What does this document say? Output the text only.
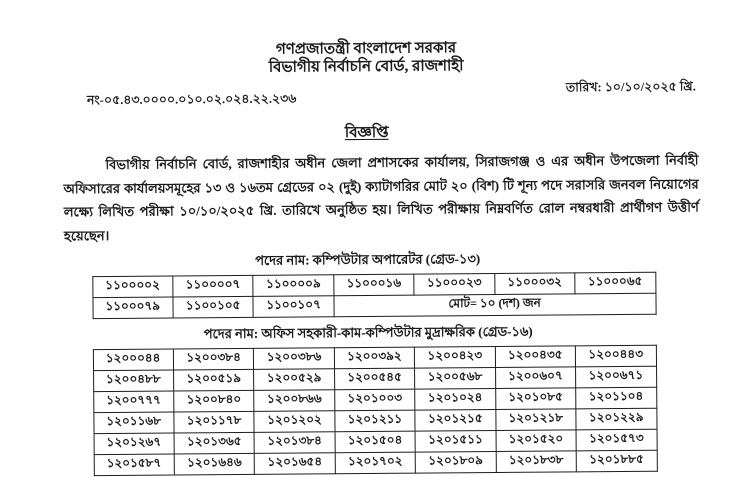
গণপ্রজাতন্ত্রী বাংলাদেশ সরকার
বিভাগীয় নির্বাচনি বোর্ড, রাজশাহী
নং-০৫.৪৩.০০০০.০১০.০২.০২৪.২২.২৩৬
তারিখ: ১০/১০/২০২৫ খ্রি.
বিজ্ঞপ্তি

বিভাগীয় নির্বাচনি বোর্ড, রাজশাহীর অধীন জেলা প্রশাসকের কার্যালয়, সিরাজগঞ্জ ও এর অধীন উপজেলা নির্বাহী অফিসারের কার্যালয়সমূহের ১৩ ও ১৬তম গ্রেডের ০২ (দুই) ক্যাটাগরির মোট ২০ (বিশ) টি শূন্য পদে সরাসরি জনবল নিয়োগের লক্ষ্যে লিখিত পরীক্ষা ১০/১০/২০২৫ খ্রি. তারিখে অনুষ্ঠিত হয়। লিখিত পরীক্ষায় নিম্নবর্ণিত রোল নম্বরধারী প্রার্থীগণ উত্তীর্ণ হয়েছেন।

পদের নাম: কম্পিউটার অপারেটর (গ্রেড-১৩)
১১০০০০২	১১০০০০৭	১১০০০০৯	১১০০০১৬	১১০০০২৩	১১০০০৩২	১১০০০৬৫
১১০০০৭৯	১১০০১০৫	১১০০১০৭	মোট= ১০ (দশ) জন			
পদের নাম: অফিস সহকারী-কাম-কম্পিউটার মুদ্রাক্ষরিক (গ্রেড-১৬)
১২০০০৪৪	১২০০৩৮৪	১২০০৩৮৬	১২০০৩৯২	১২০০৪২৩	১২০০৪৩৫	১২০০৪৪৩
১২০০৪৮৮	১২০০৫১৯	১২০০৫২৯	১২০০৫৪৫	১২০০৫৬৮	১২০০৬০৭	১২০০৬৭১
১২০০৭৭৭	১২০০৮৪০	১২০০৮৬৬	১২০১০০৩	১২০১০২৪	১২০১০৮৫	১২০১১০৪
১২০১১৬৮	১২০১১৭৮	১২০১২০২	১২০১২১১	১২০১২১৫	১২০১২১৮	১২০১২২৯
১২০১২৬৭	১২০১৩৬৫	১২০১৩৮৪	১২০১৫০৪	১২০১৫১১	১২০১৫২০	১২০১৫৭৩
১২০১৫৮৭	১২০১৬৪৬	১২০১৬৫৪	১২০১৭০২	১২০১৮০৯	১২০১৮৩৮	১২০১৮৮৫
